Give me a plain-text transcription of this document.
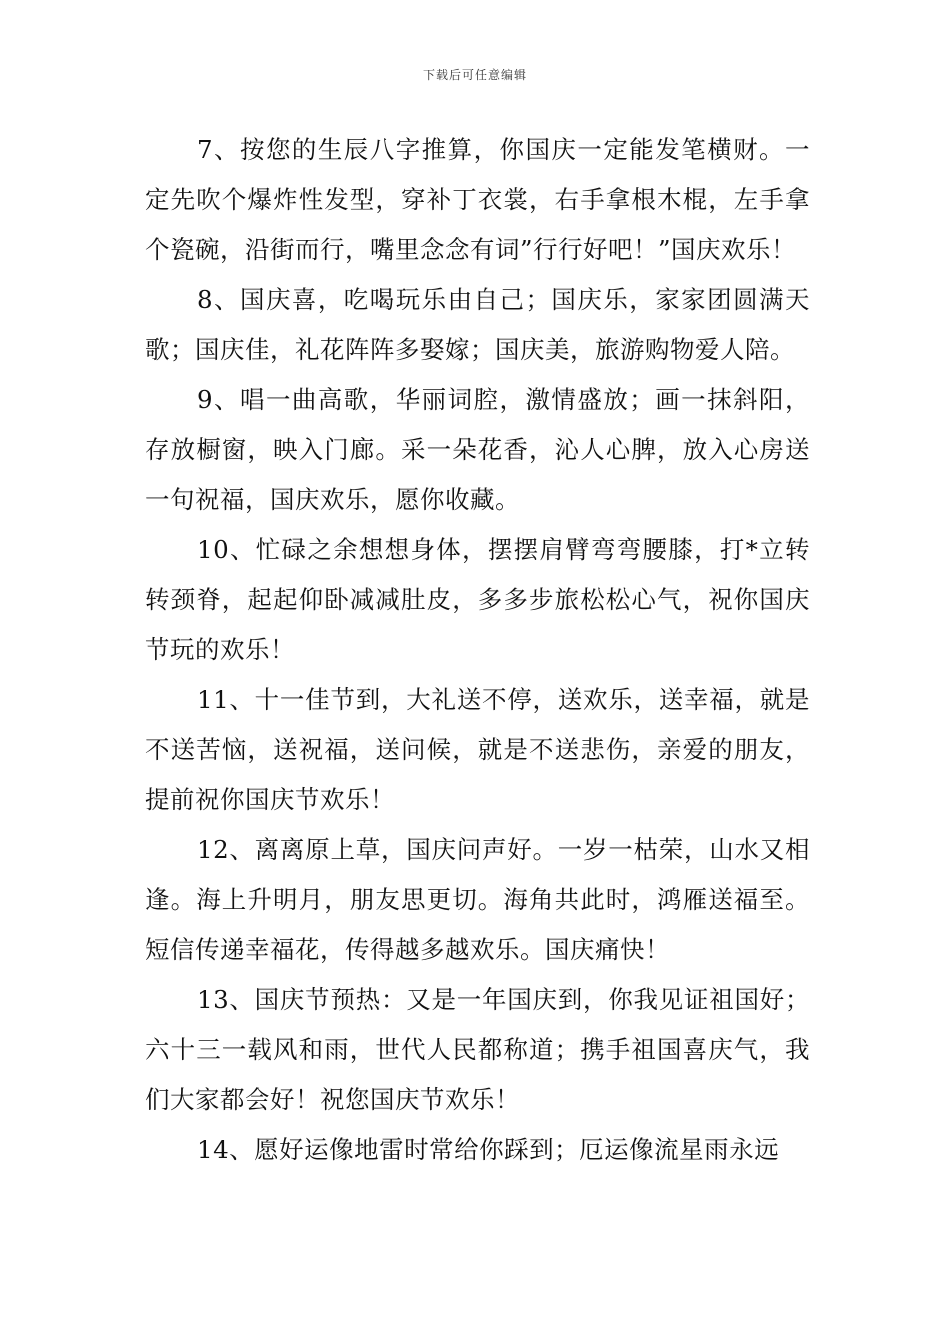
下载后可任意编辑

7、按您的生辰八字推算，你国庆一定能发笔横财。一定先吹个爆炸性发型，穿补丁衣裳，右手拿根木棍，左手拿个瓷碗，沿街而行，嘴里念念有词”行行好吧！”国庆欢乐！

8、国庆喜，吃喝玩乐由自己；国庆乐，家家团圆满天歌；国庆佳，礼花阵阵多娶嫁；国庆美，旅游购物爱人陪。

9、唱一曲高歌，华丽词腔，激情盛放；画一抹斜阳，存放橱窗，映入门廊。采一朵花香，沁人心脾，放入心房送一句祝福，国庆欢乐，愿你收藏。

10、忙碌之余想想身体，摆摆肩臂弯弯腰膝，打*立转转颈脊，起起仰卧减减肚皮，多多步旅松松心气，祝你国庆节玩的欢乐！

11、十一佳节到，大礼送不停，送欢乐，送幸福，就是不送苦恼，送祝福，送问候，就是不送悲伤，亲爱的朋友，提前祝你国庆节欢乐！

12、离离原上草，国庆问声好。一岁一枯荣，山水又相逢。海上升明月，朋友思更切。海角共此时，鸿雁送福至。短信传递幸福花，传得越多越欢乐。国庆痛快！

13、国庆节预热：又是一年国庆到，你我见证祖国好；六十三一载风和雨，世代人民都称道；携手祖国喜庆气，我们大家都会好！祝您国庆节欢乐！

14、愿好运像地雷时常给你踩到；厄运像流星雨永远
